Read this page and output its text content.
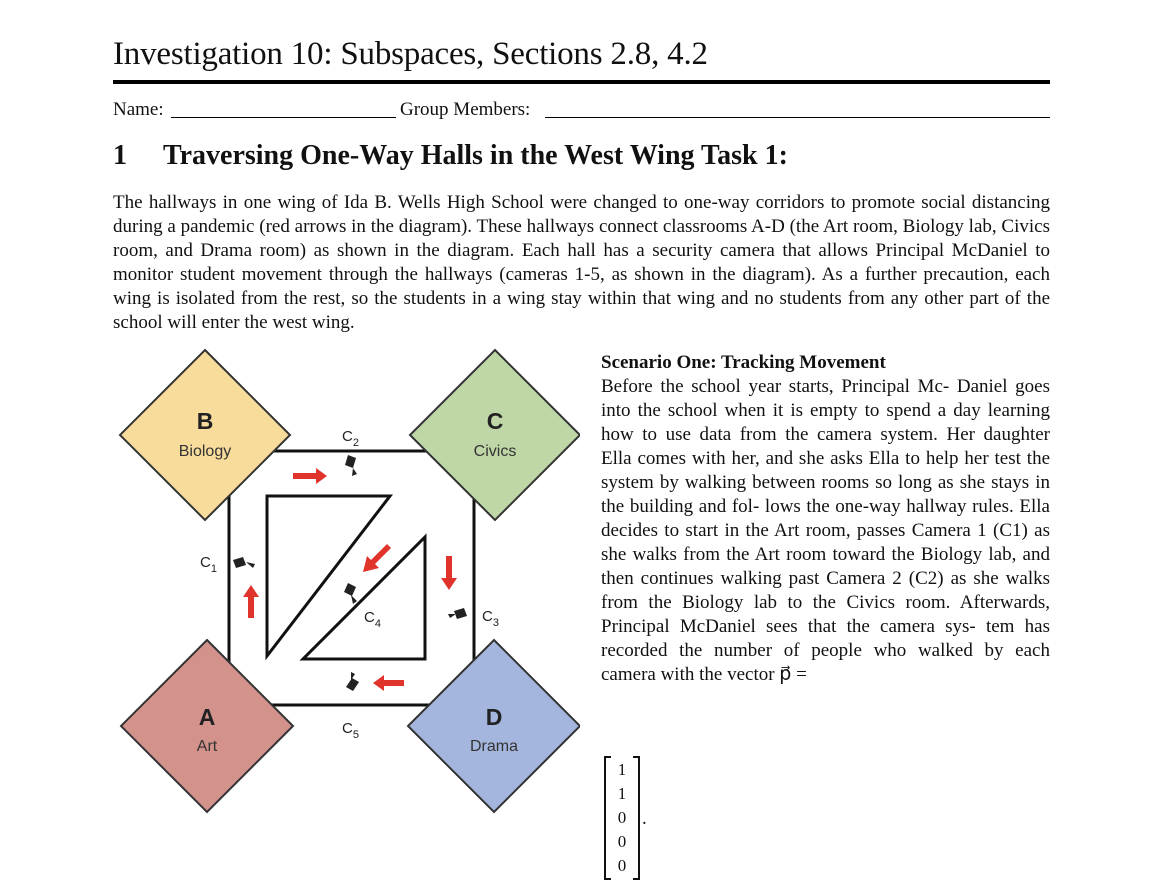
Investigation 10: Subspaces, Sections 2.8, 4.2
Name:	Group Members:
1 Traversing One-Way Halls in the West Wing Task 1:

The hallways in one wing of Ida B. Wells High School were changed to one-way corridors to promote social distancing during a pandemic (red arrows in the diagram). These hallways connect classrooms A-D (the Art room, Biology lab, Civics room, and Drama room) as shown in the diagram. Each hall has a security camera that allows Principal McDaniel to monitor student movement through the hallways (cameras 1-5, as shown in the diagram). As a further precaution, each wing is isolated from the rest, so the students in a wing stay within that wing and no students from any other part of the school will enter the west wing.

B
Biology
C
Civics
A
Art
D
Drama
$C_2$
$C_1$
$C_3$
$C_4$
$C_5$
Scenario One: Tracking Movement

Before the school year starts, Principal Mc- Daniel goes into the school when it is empty to spend a day learning how to use data from the camera system. Her daughter Ella comes with her, and she asks Ella to help her test the system by walking between rooms so long as she stays in the building and fol- lows the one-way hallway rules. Ella decides to start in the Art room, passes Camera 1 (C1) as she walks from the Art room toward the Biology lab, and then continues walking past Camera 2 (C2) as she walks from the Biology lab to the Civics room. Afterwards, Principal McDaniel sees that the camera sys- tem has recorded the number of people who walked by each camera with the vector p⃗ =

1
1
0
0
0
.
